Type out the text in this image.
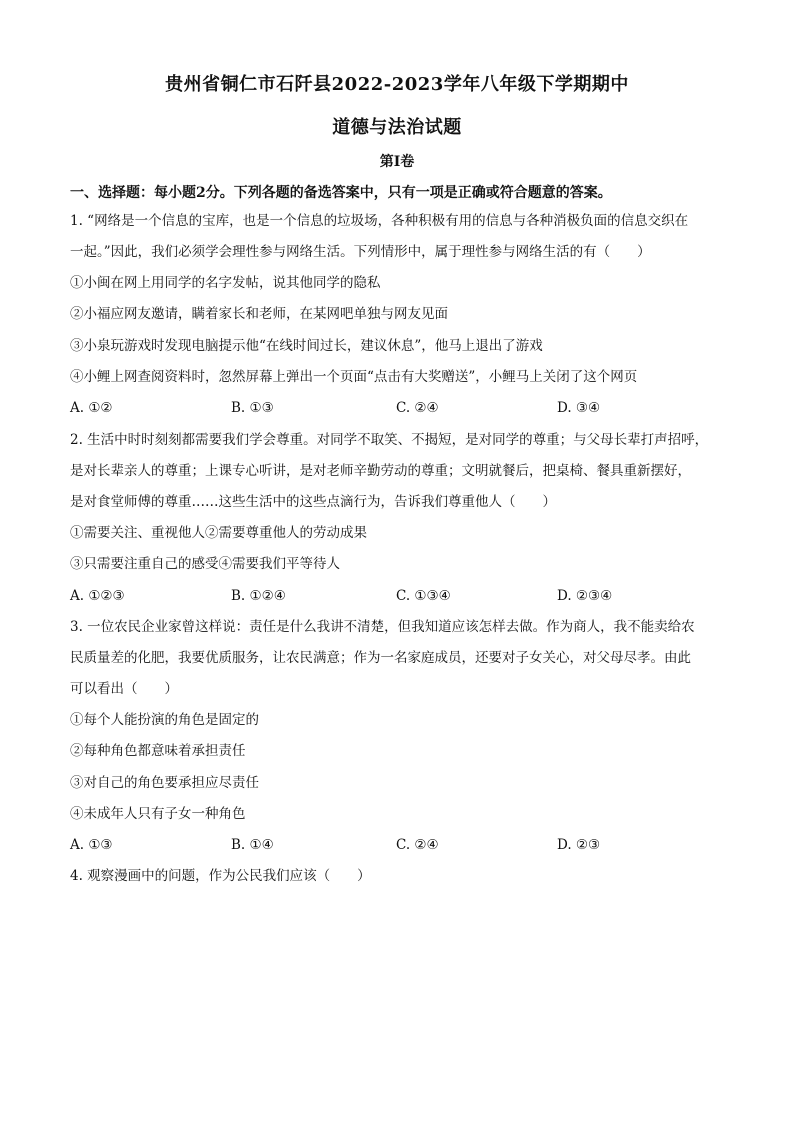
贵州省铜仁市石阡县2022-2023学年八年级下学期期中
道德与法治试题
第Ⅰ卷
一、选择题：每小题2分。下列各题的备选答案中，只有一项是正确或符合题意的答案。
1. “网络是一个信息的宝库，也是一个信息的垃圾场，各种积极有用的信息与各种消极负面的信息交织在
一起。”因此，我们必须学会理性参与网络生活。下列情形中，属于理性参与网络生活的有（　　）
①小闽在网上用同学的名字发帖，说其他同学的隐私
②小福应网友邀请，瞒着家长和老师，在某网吧单独与网友见面
③小泉玩游戏时发现电脑提示他“在线时间过长，建议休息”，他马上退出了游戏
④小鲤上网查阅资料时，忽然屏幕上弹出一个页面“点击有大奖赠送”，小鲤马上关闭了这个网页
A. ①②	B. ①③	C. ②④	D. ③④
2. 生活中时时刻刻都需要我们学会尊重。对同学不取笑、不揭短，是对同学的尊重；与父母长辈打声招呼，
是对长辈亲人的尊重；上课专心听讲，是对老师辛勤劳动的尊重；文明就餐后，把桌椅、餐具重新摆好，
是对食堂师傅的尊重……这些生活中的这些点滴行为，告诉我们尊重他人（　　）
①需要关注、重视他人②需要尊重他人的劳动成果
③只需要注重自己的感受④需要我们平等待人
A. ①②③	B. ①②④	C. ①③④	D. ②③④
3. 一位农民企业家曾这样说：责任是什么我讲不清楚，但我知道应该怎样去做。作为商人，我不能卖给农
民质量差的化肥，我要优质服务，让农民满意；作为一名家庭成员，还要对子女关心，对父母尽孝。由此
可以看出（　　）
①每个人能扮演的角色是固定的
②每种角色都意味着承担责任
③对自己的角色要承担应尽责任
④未成年人只有子女一种角色
A. ①③	B. ①④	C. ②④	D. ②③
4. 观察漫画中的问题，作为公民我们应该（　　）
